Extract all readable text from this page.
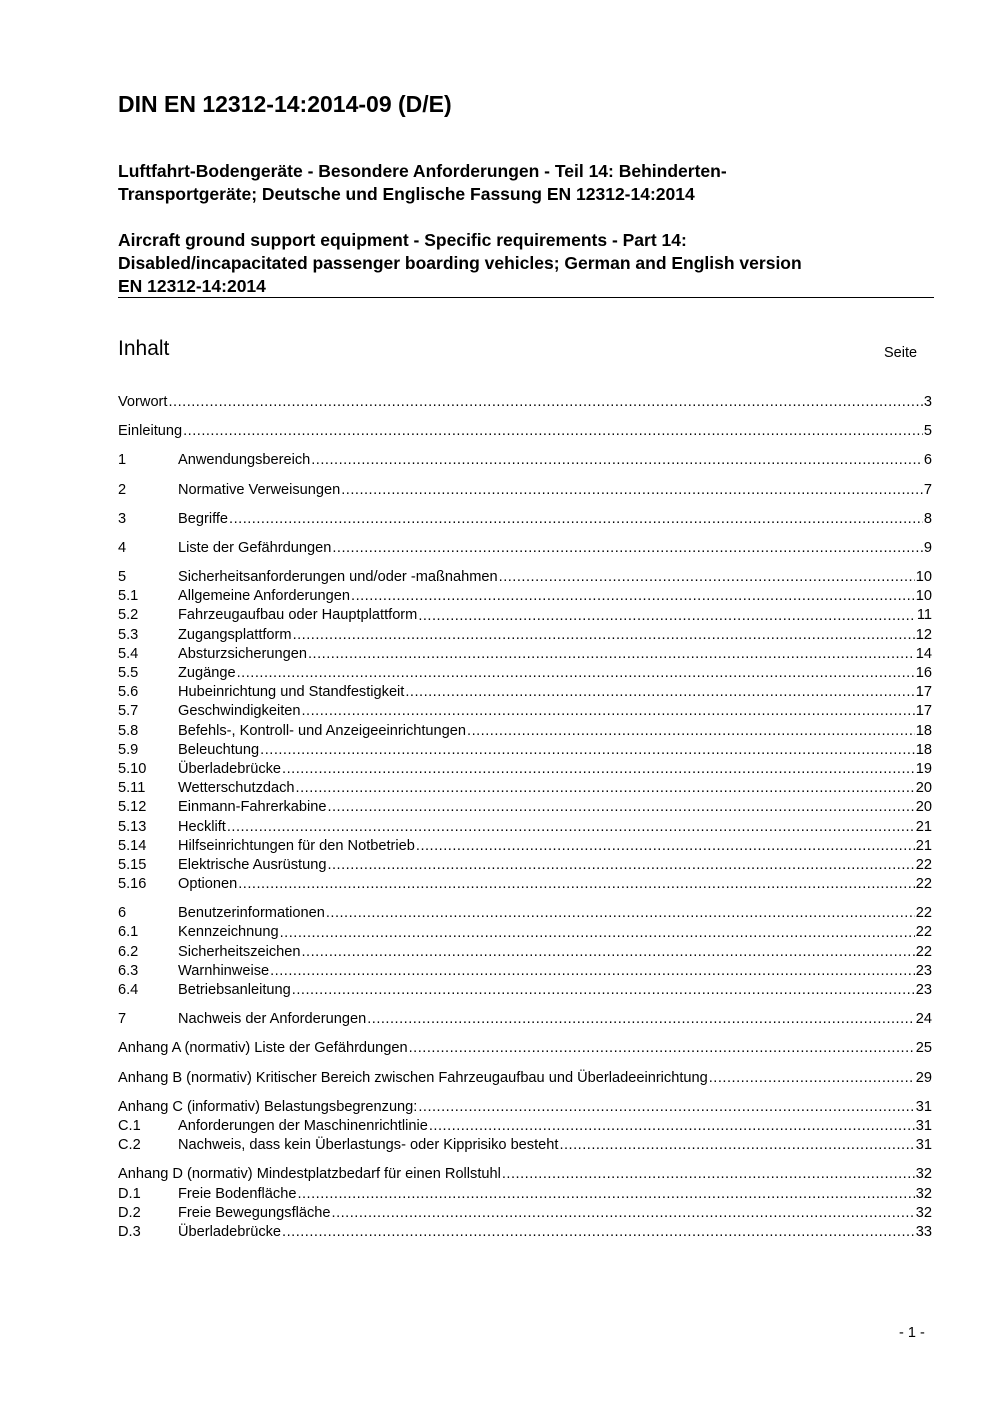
DIN EN 12312-14:2014-09 (D/E)
Luftfahrt-Bodengeräte - Besondere Anforderungen - Teil 14: Behinderten-
Transportgeräte; Deutsche und Englische Fassung EN 12312-14:2014
Aircraft ground support equipment - Specific requirements - Part 14:
Disabled/incapacitated passenger boarding vehicles; German and English version
EN 12312-14:2014
Inhalt	Seite
Vorwort .....	3
Einleitung .....	5
1	Anwendungsbereich .....	6
2	Normative Verweisungen .....	7
3	Begriffe .....	8
4	Liste der Gefährdungen .....	9
5	Sicherheitsanforderungen und/oder -maßnahmen .....	10
5.1	Allgemeine Anforderungen .....	10
5.2	Fahrzeugaufbau oder Hauptplattform .....	11
5.3	Zugangsplattform .....	12
5.4	Absturzsicherungen .....	14
5.5	Zugänge .....	16
5.6	Hubeinrichtung und Standfestigkeit .....	17
5.7	Geschwindigkeiten .....	17
5.8	Befehls-, Kontroll- und Anzeigeeinrichtungen .....	18
5.9	Beleuchtung .....	18
5.10	Überladebrücke .....	19
5.11	Wetterschutzdach .....	20
5.12	Einmann-Fahrerkabine .....	20
5.13	Hecklift .....	21
5.14	Hilfseinrichtungen für den Notbetrieb .....	21
5.15	Elektrische Ausrüstung .....	22
5.16	Optionen .....	22
6	Benutzerinformationen .....	22
6.1	Kennzeichnung .....	22
6.2	Sicherheitszeichen .....	22
6.3	Warnhinweise .....	23
6.4	Betriebsanleitung .....	23
7	Nachweis der Anforderungen .....	24
Anhang A (normativ) Liste der Gefährdungen .....	25
Anhang B (normativ) Kritischer Bereich zwischen Fahrzeugaufbau und Überladeeinrichtung .....	29
Anhang C (informativ) Belastungsbegrenzung: .....	31
C.1	Anforderungen der Maschinenrichtlinie .....	31
C.2	Nachweis, dass kein Überlastungs- oder Kipprisiko besteht .....	31
Anhang D (normativ) Mindestplatzbedarf für einen Rollstuhl .....	32
D.1	Freie Bodenfläche .....	32
D.2	Freie Bewegungsfläche .....	32
D.3	Überladebrücke .....	33
- 1 -
